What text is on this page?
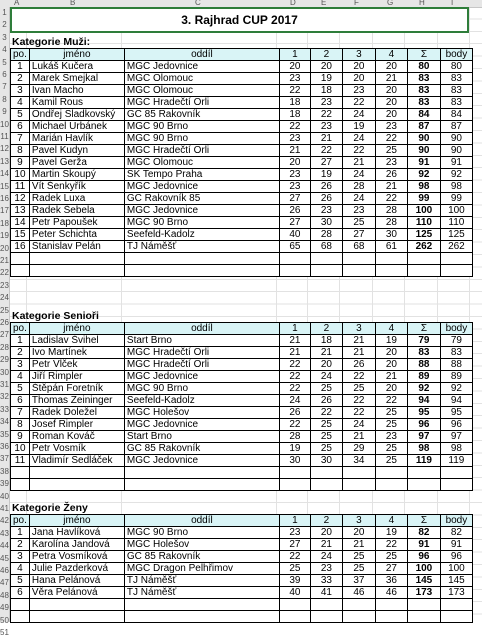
A	B	C	D	E	F	G	H	I
1
2
3
4
5
6
7
8
9
10
11
12
13
14
15
16
17
18
19
20
21
22
23
24
25
26
27
28
29
30
31
32
33
34
35
36
37
38
39
40
41
42
43
44
45
46
47
48
49
50
51
3. Rajhrad CUP 2017
Kategorie Muži:
po.	jméno	oddíl	1	2	3	4	Σ	body
1	Lukáš Kučera	MGC Jedovnice	20	20	20	20	80	80
2	Marek Smejkal	MGC Olomouc	23	19	20	21	83	83
3	Ivan Macho	MGC Olomouc	22	18	23	20	83	83
4	Kamil Rous	MGC Hradečtí Orli	18	23	22	20	83	83
5	Ondřej Sladkovský	GC 85 Rakovník	18	22	24	20	84	84
6	Michael Urbánek	MGC 90 Brno	22	23	19	23	87	87
7	Marián Havlík	MGC 90 Brno	23	21	24	22	90	90
8	Pavel Kudyn	MGC Hradečtí Orli	21	22	22	25	90	90
9	Pavel Gerža	MGC Olomouc	20	27	21	23	91	91
10	Martin Skoupý	SK Tempo Praha	23	19	24	26	92	92
11	Vít Šenkyřík	MGC Jedovnice	23	26	28	21	98	98
12	Radek Luxa	GC Rakovník 85	27	26	24	22	99	99
13	Radek Šebela	MGC Jedovnice	26	23	23	28	100	100
14	Petr Papoušek	MGC 90 Brno	27	30	25	28	110	110
15	Peter Schichta	Seefeld-Kadolz	40	28	27	30	125	125
16	Stanislav Pelán	TJ Náměšť	65	68	68	61	262	262

Kategorie Senioři
po.	jméno	oddíl	1	2	3	4	Σ	body
1	Ladislav Švihel	Start Brno	21	18	21	19	79	79
2	Ivo Martínek	MGC Hradečtí Orli	21	21	21	20	83	83
3	Petr Vlček	MGC Hradečtí Orli	22	20	26	20	88	88
4	Jiří Rimpler	MGC Jedovnice	22	24	22	21	89	89
5	Štěpán Foretník	MGC 90 Brno	22	25	25	20	92	92
6	Thomas Zeininger	Seefeld-Kadolz	24	26	22	22	94	94
7	Radek Doležel	MGC Holešov	26	22	22	25	95	95
8	Josef Rimpler	MGC Jedovnice	22	25	24	25	96	96
9	Roman Kováč	Start Brno	28	25	21	23	97	97
10	Petr Vosmík	GC 85 Rakovník	19	25	29	25	98	98
11	Vladimír Sedláček	MGC Jedovnice	30	30	34	25	119	119

Kategorie Ženy
po.	jméno	oddíl	1	2	3	4	Σ	body
1	Jana Havlíková	MGC 90 Brno	23	20	20	19	82	82
2	Karolína Jandová	MGC Holešov	27	21	21	22	91	91
3	Petra Vosmíková	GC 85 Rakovník	22	24	25	25	96	96
4	Julie Pazderková	MGC Dragon Pelhřimov	25	23	25	27	100	100
5	Hana Pelánová	TJ Náměšť	39	33	37	36	145	145
6	Věra Pelánová	TJ Náměšť	40	41	46	46	173	173
